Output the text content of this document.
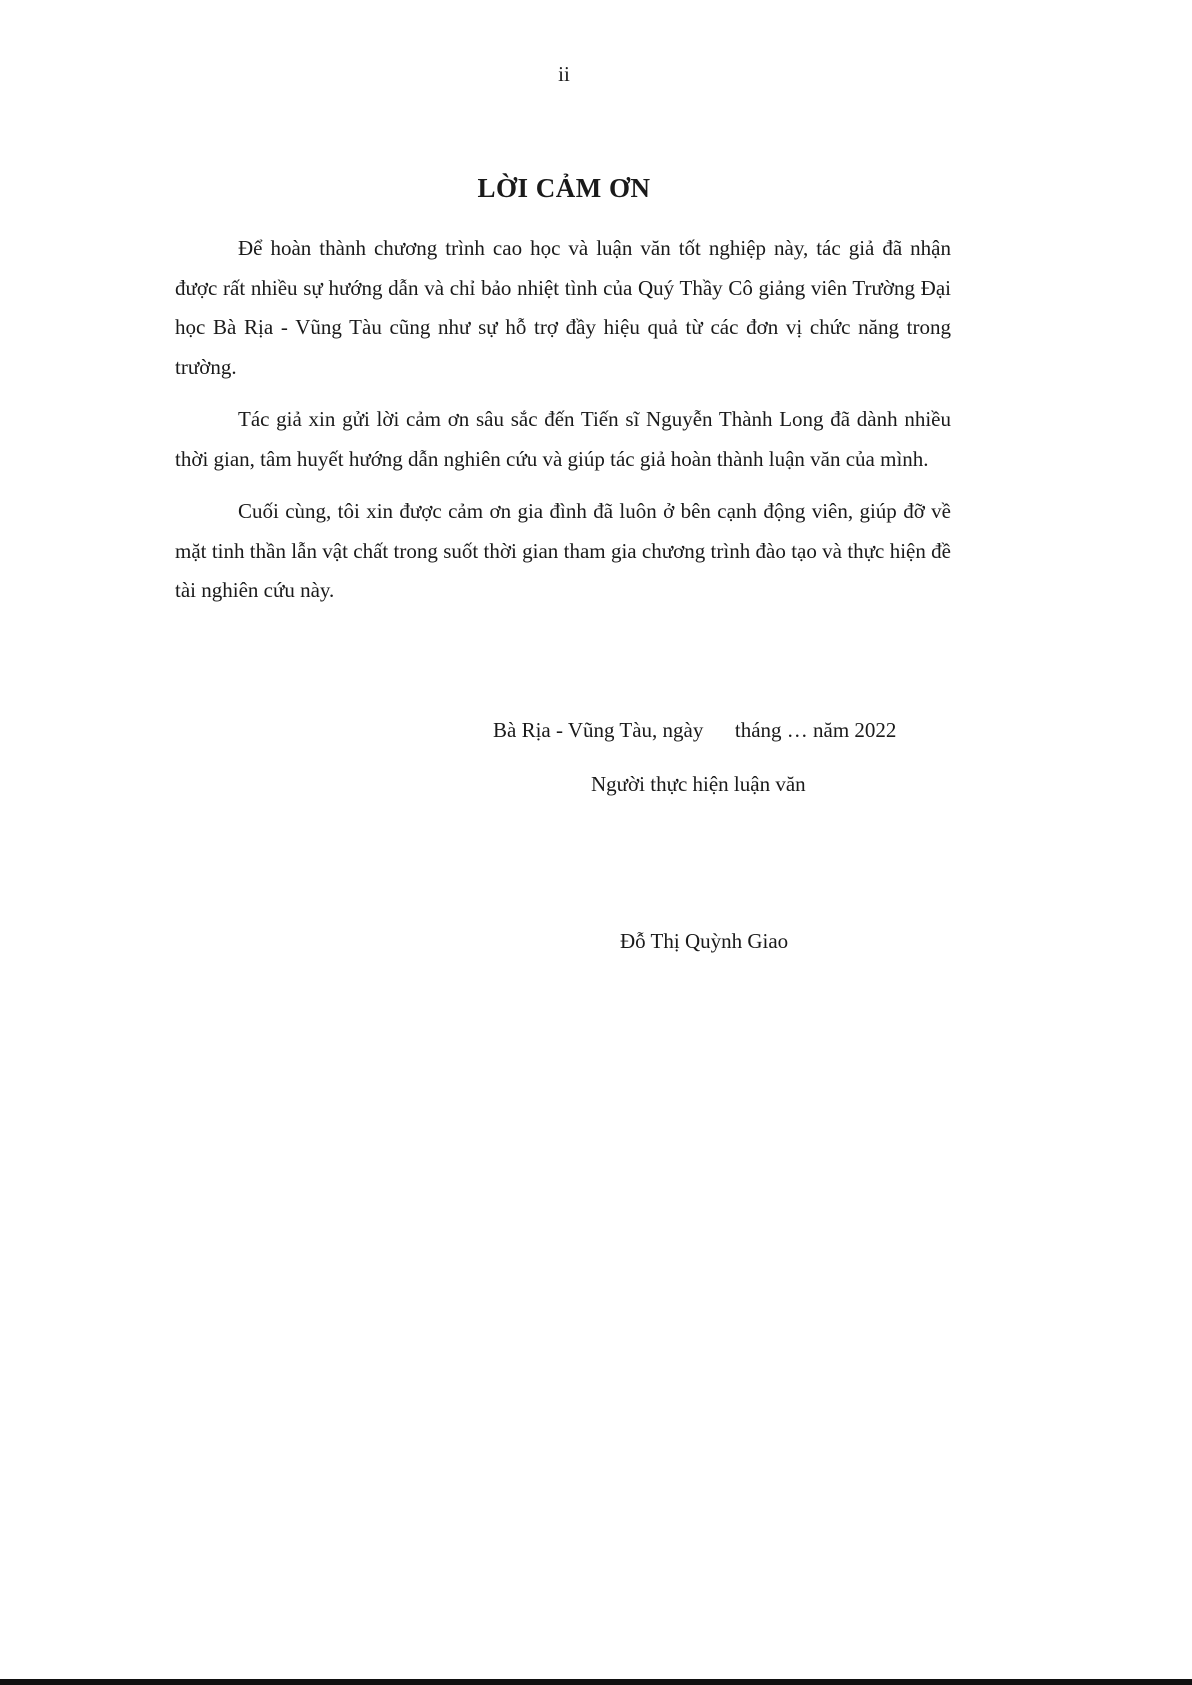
ii
LỜI CẢM ƠN

Để hoàn thành chương trình cao học và luận văn tốt nghiệp này, tác giả đã nhận được rất nhiều sự hướng dẫn và chỉ bảo nhiệt tình của Quý Thầy Cô giảng viên Trường Đại học Bà Rịa - Vũng Tàu cũng như sự hỗ trợ đầy hiệu quả từ các đơn vị chức năng trong trường.

Tác giả xin gửi lời cảm ơn sâu sắc đến Tiến sĩ Nguyễn Thành Long đã dành nhiều thời gian, tâm huyết hướng dẫn nghiên cứu và giúp tác giả hoàn thành luận văn của mình.

Cuối cùng, tôi xin được cảm ơn gia đình đã luôn ở bên cạnh động viên, giúp đỡ về mặt tinh thần lẫn vật chất trong suốt thời gian tham gia chương trình đào tạo và thực hiện đề tài nghiên cứu này.

Bà Rịa - Vũng Tàu, ngày      tháng … năm 2022
Người thực hiện luận văn
Đỗ Thị Quỳnh Giao
